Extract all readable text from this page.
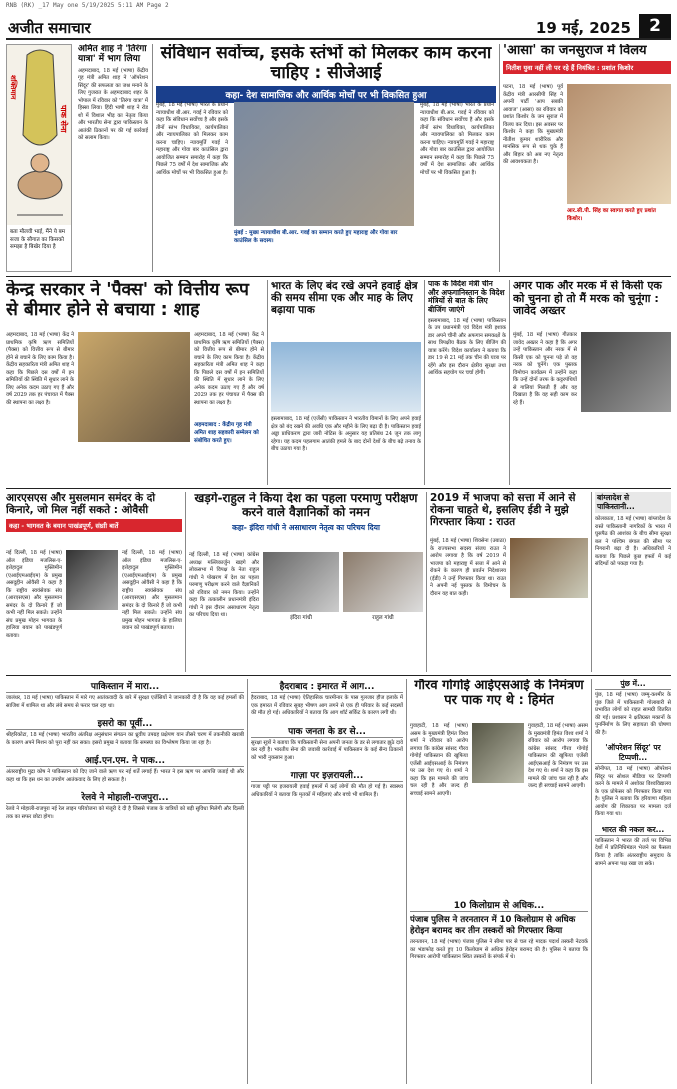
RNB (RK) _17 May one 5/19/2025 5:11 AM Page 2
अजीत समाचार	19 मई, 2025	2
शक्तिमान
पाक सेना
बता मौलवी भाई, मैंने ये बम सजा के सौगात का किसको समझा है बिखेर दिया है
अमित शाह ने 'तिरंगा यात्रा' में भाग लिया
अहमदाबाद, 18 मई (भाषा) केंद्रीय गृह मंत्री अमित शाह ने 'ऑपरेशन सिंदूर' की सफलता का जश्न मनाने के लिए गुजरात के अहमदाबाद शहर के भोपाल में रविवार को 'तिरंगा यात्रा' में हिस्सा लिया। हिंदी भाषी शाह ने रोड शो में विशाल भीड़ का नेतृत्व किया और भारतीय सेना द्वारा पाकिस्तान के आतंकी ठिकानों पर की गई कार्रवाई को सलाम किया।
संविधान सर्वोच्च, इसके स्तंभों को मिलकर काम करना चाहिए : सीजेआई
कहा- देश सामाजिक और आर्थिक मोर्चों पर भी विकसित हुआ
मुंबई, 18 मई (भाषा) भारत के प्रधान न्यायाधीश बी.आर. गवई ने रविवार को कहा कि संविधान सर्वोच्च है और इसके तीनों स्तंभ विधायिका, कार्यपालिका और न्यायपालिका को मिलकर काम करना चाहिए। न्यायमूर्ति गवई ने महाराष्ट्र और गोवा बार काउंसिल द्वारा आयोजित सम्मान समारोह में कहा कि पिछले 75 वर्षों में देश सामाजिक और आर्थिक मोर्चों पर भी विकसित हुआ है।
मुंबई : मुख्य न्यायाधीश बी.आर. गवई का सम्मान करते हुए महाराष्ट्र और गोवा बार काउंसिल के सदस्य।
मुंबई, 18 मई (भाषा) भारत के प्रधान न्यायाधीश बी.आर. गवई ने रविवार को कहा कि संविधान सर्वोच्च है और इसके तीनों स्तंभ विधायिका, कार्यपालिका और न्यायपालिका को मिलकर काम करना चाहिए। न्यायमूर्ति गवई ने महाराष्ट्र और गोवा बार काउंसिल द्वारा आयोजित सम्मान समारोह में कहा कि पिछले 75 वर्षों में देश सामाजिक और आर्थिक मोर्चों पर भी विकसित हुआ है।
'आसा' का जनसुराज में विलय
नितीश युवा नहीं ली पर रहे हैं नियंत्रित : प्रशांत किशोर
पटना, 18 मई (भाषा) पूर्व केंद्रीय मंत्री आरसीपी सिंह ने अपनी पार्टी 'आप सबकी आवाज' (आसा) का रविवार को प्रशांत किशोर के जन सुराज में विलय कर दिया। इस अवसर पर किशोर ने कहा कि मुख्यमंत्री नीतीश कुमार शारीरिक और मानसिक रूप से थक चुके हैं और बिहार को अब नए नेतृत्व की आवश्यकता है।
आर.सी.पी. सिंह का स्वागत करते हुए प्रशांत किशोर।
केन्द्र सरकार ने 'पैक्स' को वित्तीय रूप से बीमार होने से बचाया : शाह
अहमदाबाद, 18 मई (भाषा) केंद्र ने प्राथमिक कृषि ऋण समितियों (पैक्स) को वित्तीय रूप से बीमार होने से बचाने के लिए काम किया है। केंद्रीय सहकारिता मंत्री अमित शाह ने कहा कि पिछले दस वर्षों में इन समितियों की स्थिति में सुधार लाने के लिए अनेक कदम उठाए गए हैं और वर्ष 2029 तक हर पंचायत में पैक्स की स्थापना का लक्ष्य है।
अहमदाबाद : केंद्रीय गृह मंत्री अमित शाह सहकारी सम्मेलन को संबोधित करते हुए।
अहमदाबाद, 18 मई (भाषा) केंद्र ने प्राथमिक कृषि ऋण समितियों (पैक्स) को वित्तीय रूप से बीमार होने से बचाने के लिए काम किया है। केंद्रीय सहकारिता मंत्री अमित शाह ने कहा कि पिछले दस वर्षों में इन समितियों की स्थिति में सुधार लाने के लिए अनेक कदम उठाए गए हैं और वर्ष 2029 तक हर पंचायत में पैक्स की स्थापना का लक्ष्य है।
भारत के लिए बंद रखे अपने हवाई क्षेत्र की समय सीमा एक और माह के लिए बढ़ाया पाक
इस्लामाबाद, 18 मई (एजेंसी) पाकिस्तान ने भारतीय विमानों के लिए अपने हवाई क्षेत्र को बंद रखने की अवधि एक और महीने के लिए बढ़ा दी है। पाकिस्तान हवाई अड्डा प्राधिकरण द्वारा जारी नोटिस के अनुसार यह प्रतिबंध 24 जून तक लागू रहेगा। यह कदम पहलगाम आतंकी हमले के बाद दोनों देशों के बीच बढ़े तनाव के बीच उठाया गया है।
पाक के विदेश मंत्री चीन और अफगानिस्तान के विदेश मंत्रियों से बात के लिए बीजिंग जाएंगे
इस्लामाबाद, 18 मई (भाषा) पाकिस्तान के उप प्रधानमंत्री एवं विदेश मंत्री इशाक डार अपने चीनी और अफगान समकक्षों के साथ त्रिपक्षीय बैठक के लिए बीजिंग की यात्रा करेंगे। विदेश कार्यालय ने बताया कि डार 19 से 21 मई तक चीन की यात्रा पर रहेंगे और इस दौरान क्षेत्रीय सुरक्षा तथा आर्थिक सहयोग पर चर्चा होगी।
अगर पाक और मरक में से किसी एक को चुनना हो तो मैं मरक को चुनूंगा : जावेद अख्तर
मुंबई, 18 मई (भाषा) गीतकार जावेद अख्तर ने कहा है कि अगर उन्हें पाकिस्तान और नरक में से किसी एक को चुनना पड़े तो वह नरक को चुनेंगे। एक पुस्तक विमोचन कार्यक्रम में उन्होंने कहा कि उन्हें दोनों तरफ के कट्टरपंथियों से गालियां मिलती हैं और यह दिखाता है कि वह सही काम कर रहे हैं।
आरएसएस और मुसलमान समंदर के दो किनारे, जो मिल नहीं सकते : ओवैसी
कहा - भागवत के बयान पाखंडपूर्ण, संघ्राी बातें
नई दिल्ली, 18 मई (भाषा) ऑल इंडिया मजलिस-ए-इत्तेहादुल मुस्लिमीन (एआईएमआईएम) के प्रमुख असदुद्दीन ओवैसी ने कहा है कि राष्ट्रीय स्वयंसेवक संघ (आरएसएस) और मुसलमान समंदर के दो किनारे हैं जो कभी नहीं मिल सकते। उन्होंने संघ प्रमुख मोहन भागवत के हालिया बयान को पाखंडपूर्ण बताया।
नई दिल्ली, 18 मई (भाषा) ऑल इंडिया मजलिस-ए-इत्तेहादुल मुस्लिमीन (एआईएमआईएम) के प्रमुख असदुद्दीन ओवैसी ने कहा है कि राष्ट्रीय स्वयंसेवक संघ (आरएसएस) और मुसलमान समंदर के दो किनारे हैं जो कभी नहीं मिल सकते। उन्होंने संघ प्रमुख मोहन भागवत के हालिया बयान को पाखंडपूर्ण बताया।
खड़गे-राहुल ने किया देश का पहला परमाणु परीक्षण करने वाले वैज्ञानिकों को नमन
कहा- इंदिरा गांधी ने असाधारण नेतृत्व का परिचय दिया
नई दिल्ली, 18 मई (भाषा) कांग्रेस अध्यक्ष मल्लिकार्जुन खड़गे और लोकसभा में विपक्ष के नेता राहुल गांधी ने पोखरण में देश का पहला परमाणु परीक्षण करने वाले वैज्ञानिकों को रविवार को नमन किया। उन्होंने कहा कि तत्कालीन प्रधानमंत्री इंदिरा गांधी ने इस दौरान असाधारण नेतृत्व का परिचय दिया था।	इंदिरा गांधी	राहुल गांधी
2019 में भाजपा को सत्ता में आने से रोकना चाहते थे, इसलिए ईडी ने मुझे गिरफ्तार किया : राउत
मुंबई, 18 मई (भाषा) शिवसेना (उबाठा) के राज्यसभा सदस्य संजय राउत ने आरोप लगाया है कि वर्ष 2019 में भाजपा को महाराष्ट्र में सत्ता में आने से रोकने के कारण ही प्रवर्तन निदेशालय (ईडी) ने उन्हें गिरफ्तार किया था। राउत ने अपनी नई पुस्तक के विमोचन के दौरान यह बात कही।
बांग्लादेश से पाकिस्तानी...
कोलकाता, 18 मई (भाषा) बांग्लादेश के रास्ते पाकिस्तानी नागरिकों के भारत में घुसपैठ की आशंका के बीच सीमा सुरक्षा बल ने पश्चिम बंगाल की सीमा पर निगरानी बढ़ा दी है। अधिकारियों ने बताया कि पिछले कुछ हफ्तों में कई संदिग्धों को पकड़ा गया है।
पाकिस्तान में मारा...
जालंधर, 18 मई (भाषा) पाकिस्तान में मारे गए आतंकवादी के बारे में सुरक्षा एजेंसियों ने जानकारी दी है कि वह कई हमलों की साजिश में शामिल था और लंबे समय से फरार चल रहा था।
इसरो का पूर्वी...
श्रीहरिकोटा, 18 मई (भाषा) भारतीय अंतरिक्ष अनुसंधान संगठन का ध्रुवीय उपग्रह प्रक्षेपण यान तीसरे चरण में तकनीकी खराबी के कारण अपने मिशन को पूरा नहीं कर सका। इसरो प्रमुख ने बताया कि समस्या का विश्लेषण किया जा रहा है।
आई.एन.एम. ने पाक...
अंतरराष्ट्रीय मुद्रा कोष ने पाकिस्तान को दिए जाने वाले ऋण पर नई शर्तें लगाई हैं। भारत ने इस ऋण पर आपत्ति जताई थी और कहा था कि इस धन का उपयोग आतंकवाद के लिए हो सकता है।
रेलवे ने मोहाली-राजपुरा...
रेलवे ने मोहाली-राजपुरा नई रेल लाइन परियोजना को मंजूरी दे दी है जिससे पंजाब के यात्रियों को बड़ी सुविधा मिलेगी और दिल्ली तक का सफर छोटा होगा।
हैदराबाद : इमारत में आग...
हैदराबाद, 18 मई (भाषा) ऐतिहासिक चारमीनार के पास गुलजार हौज इलाके में एक इमारत में रविवार सुबह भीषण आग लगने से एक ही परिवार के कई सदस्यों की मौत हो गई। अधिकारियों ने बताया कि आग शॉर्ट सर्किट के कारण लगी थी।
पाक जनता के डर से...
सुरक्षा सूत्रों ने बताया कि पाकिस्तानी सेना अपनी जनता के डर से लगातार झूठे दावे कर रही है। भारतीय सेना की जवाबी कार्रवाई में पाकिस्तान के कई सैन्य ठिकानों को भारी नुकसान हुआ।
गाज़ा पर इज़रायली...
गाजा पट्टी पर इजरायली हवाई हमलों में कई लोगों की मौत हो गई है। स्वास्थ्य अधिकारियों ने बताया कि मृतकों में महिलाएं और बच्चे भी शामिल हैं।
गौरव गोगोई आईएसआई के निमंत्रण पर पाक गए थे : हिमंत
गुवाहाटी, 18 मई (भाषा) असम के मुख्यमंत्री हिमंत विश्व शर्मा ने रविवार को आरोप लगाया कि कांग्रेस सांसद गौरव गोगोई पाकिस्तान की खुफिया एजेंसी आईएसआई के निमंत्रण पर उस देश गए थे। शर्मा ने कहा कि इस मामले की जांच चल रही है और जल्द ही सच्चाई सामने आएगी।
गुवाहाटी, 18 मई (भाषा) असम के मुख्यमंत्री हिमंत विश्व शर्मा ने रविवार को आरोप लगाया कि कांग्रेस सांसद गौरव गोगोई पाकिस्तान की खुफिया एजेंसी आईएसआई के निमंत्रण पर उस देश गए थे। शर्मा ने कहा कि इस मामले की जांच चल रही है और जल्द ही सच्चाई सामने आएगी।
10 किलोग्राम से अधिक...
पंजाब पुलिस ने तरनतारन में 10 किलोग्राम से अधिक हेरोइन बरामद कर तीन तस्करों को गिरफ्तार किया
तरनतारन, 18 मई (भाषा) पंजाब पुलिस ने सीमा पार से चल रहे मादक पदार्थ तस्करी नेटवर्क का भंडाफोड़ करते हुए 10 किलोग्राम से अधिक हेरोइन बरामद की है। पुलिस ने बताया कि गिरफ्तार आरोपी पाकिस्तान स्थित तस्करों के संपर्क में थे।
पुंछ में...
पुंछ, 18 मई (भाषा) जम्मू-कश्मीर के पुंछ जिले में पाकिस्तानी गोलाबारी से प्रभावित लोगों को राहत सामग्री वितरित की गई। प्रशासन ने क्षतिग्रस्त मकानों के पुनर्निर्माण के लिए सहायता की घोषणा की है।
'ऑपरेशन सिंदूर' पर टिप्पणी...
सोनीपत, 18 मई (भाषा) ऑपरेशन सिंदूर पर सोशल मीडिया पर टिप्पणी करने के मामले में अशोका विश्वविद्यालय के एक प्रोफेसर को गिरफ्तार किया गया है। पुलिस ने बताया कि हरियाणा महिला आयोग की शिकायत पर मामला दर्ज किया गया था।
भारत की नकल कर...
पाकिस्तान ने भारत की तर्ज पर विभिन्न देशों में प्रतिनिधिमंडल भेजने का फैसला किया है ताकि अंतरराष्ट्रीय समुदाय के सामने अपना पक्ष रखा जा सके।
